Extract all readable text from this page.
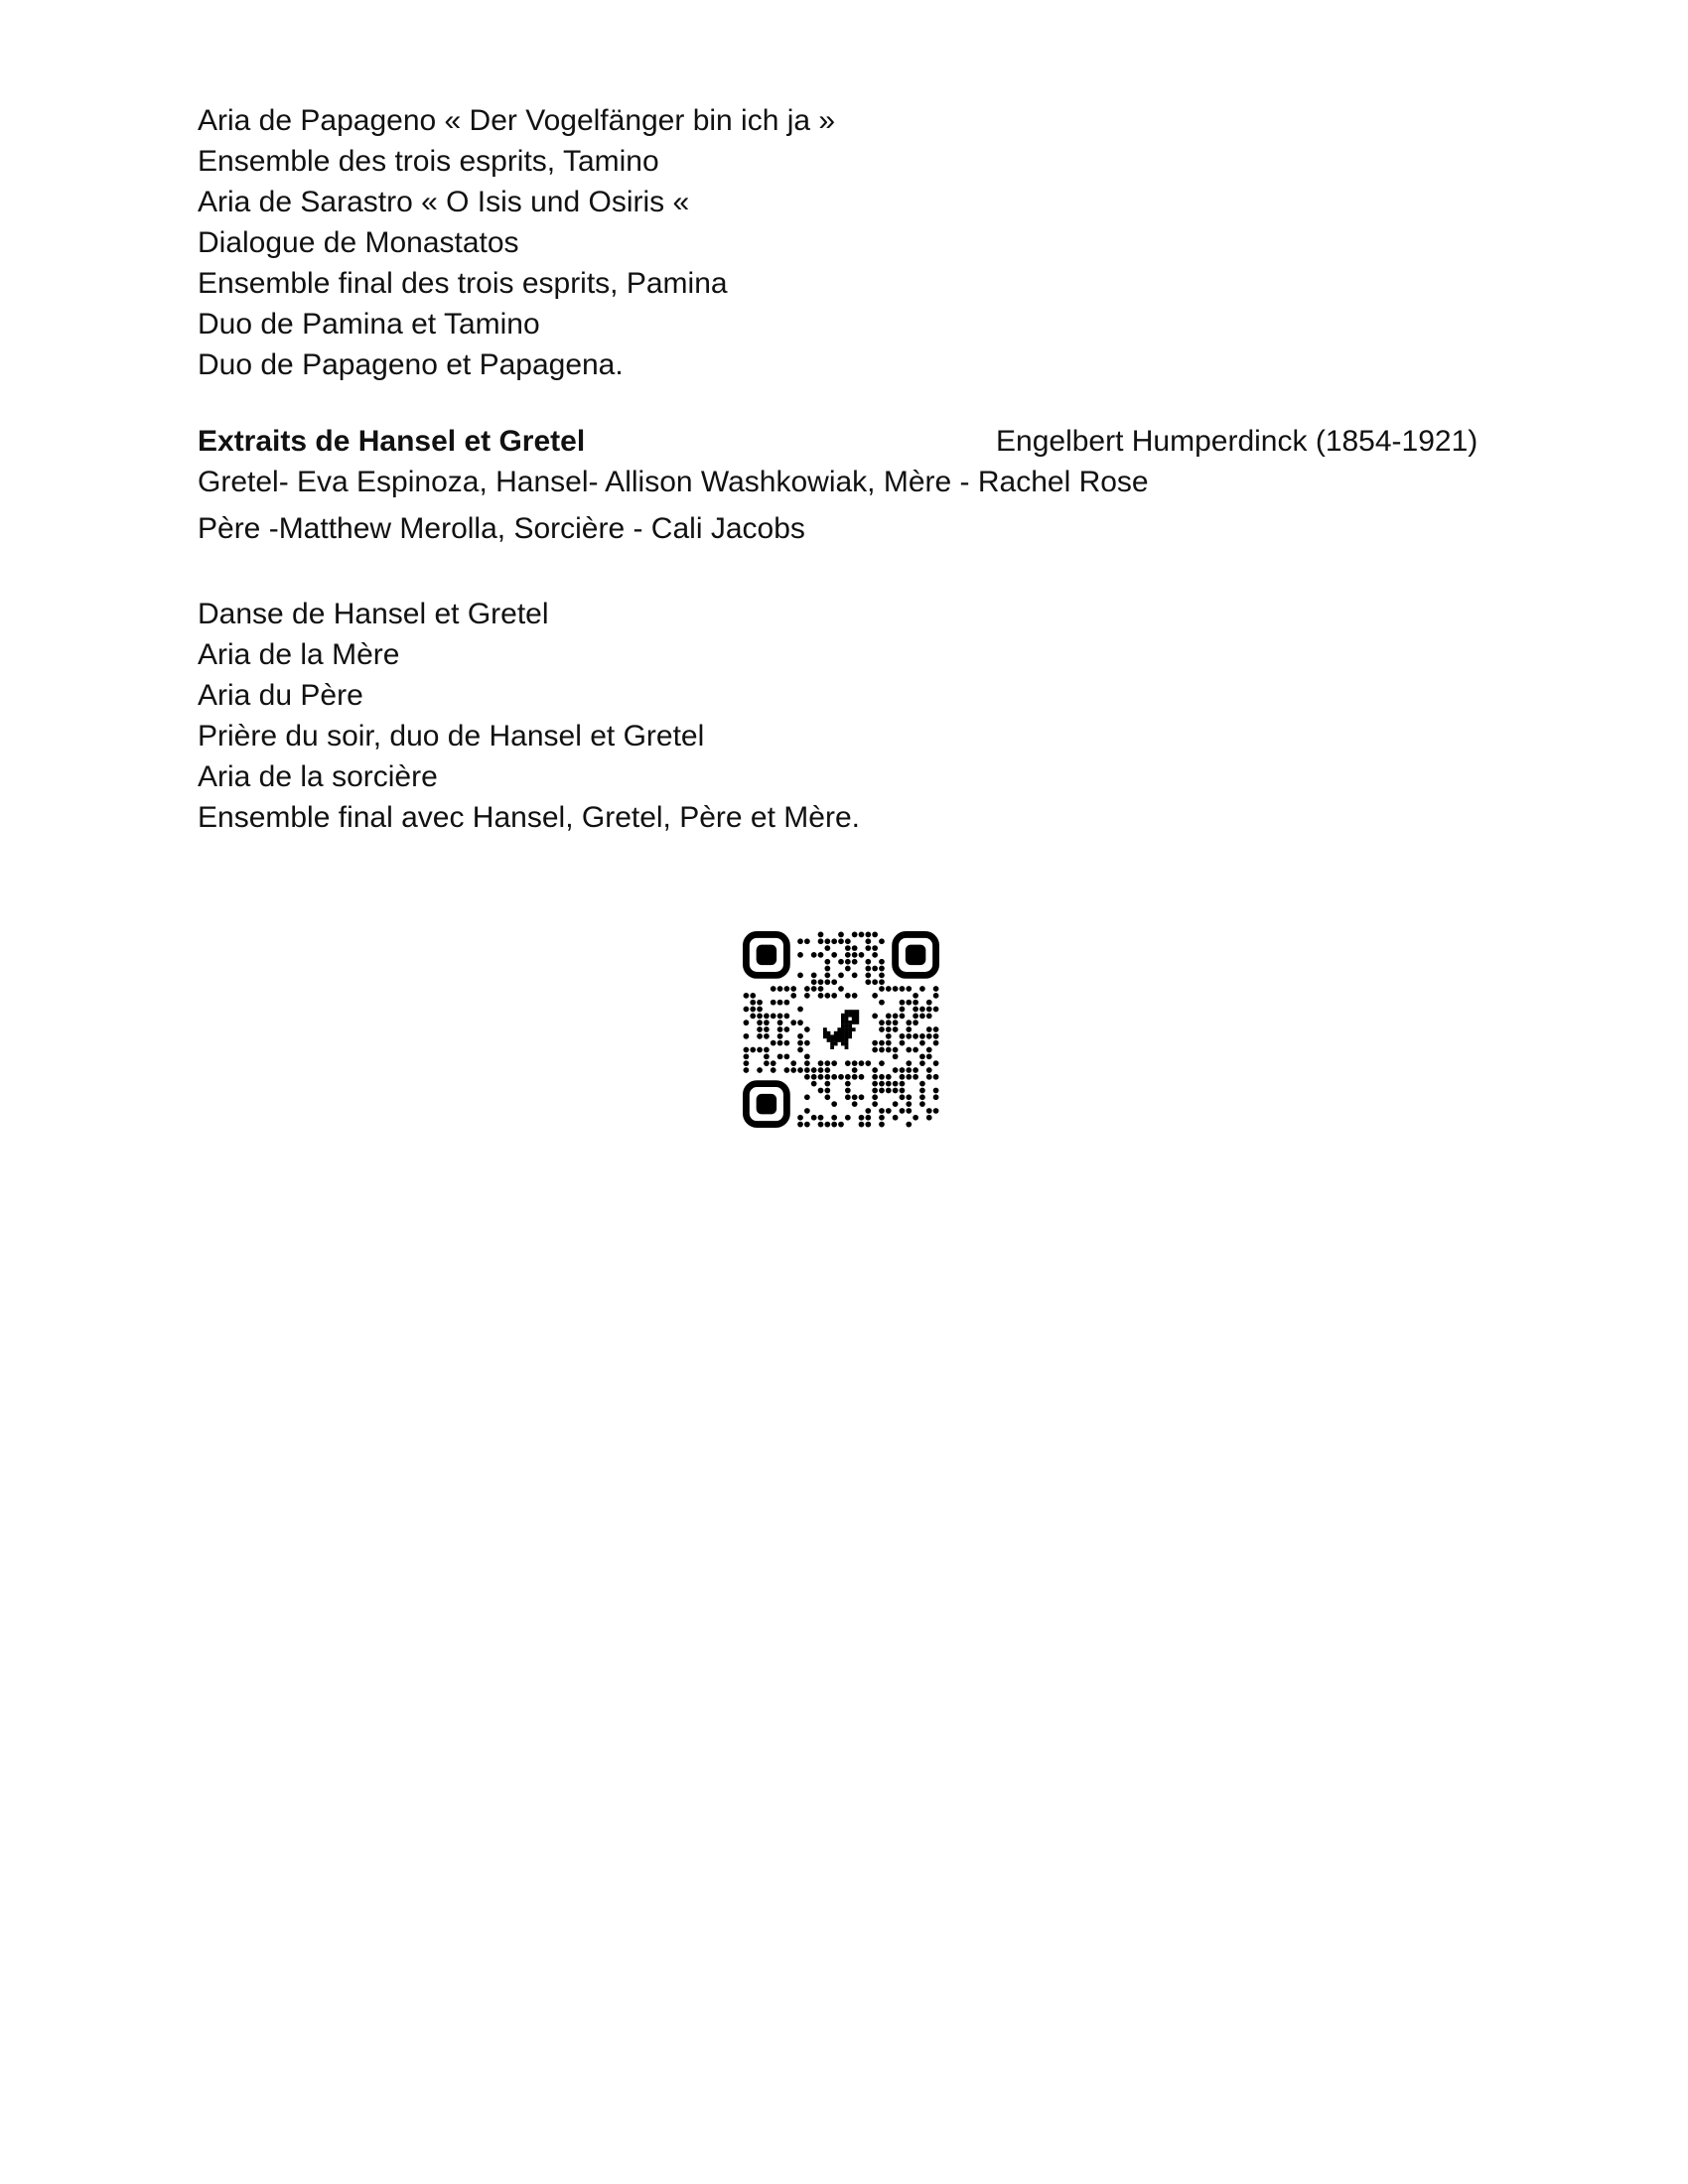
Aria de Papageno « Der Vogelfänger bin ich ja »
Ensemble des trois esprits, Tamino
Aria de Sarastro « O Isis und Osiris «
Dialogue de Monastatos
Ensemble final des trois esprits, Pamina
Duo de Pamina et Tamino
Duo de Papageno et Papagena.
Extraits de Hansel et Gretel	Engelbert Humperdinck (1854-1921)
Gretel- Eva Espinoza, Hansel- Allison Washkowiak, Mère - Rachel Rose
Père -Matthew Merolla, Sorcière - Cali Jacobs
Danse de Hansel et Gretel
Aria de la Mère
Aria du Père
Prière du soir, duo de Hansel et Gretel
Aria de la sorcière
Ensemble final avec Hansel, Gretel, Père et Mère.
